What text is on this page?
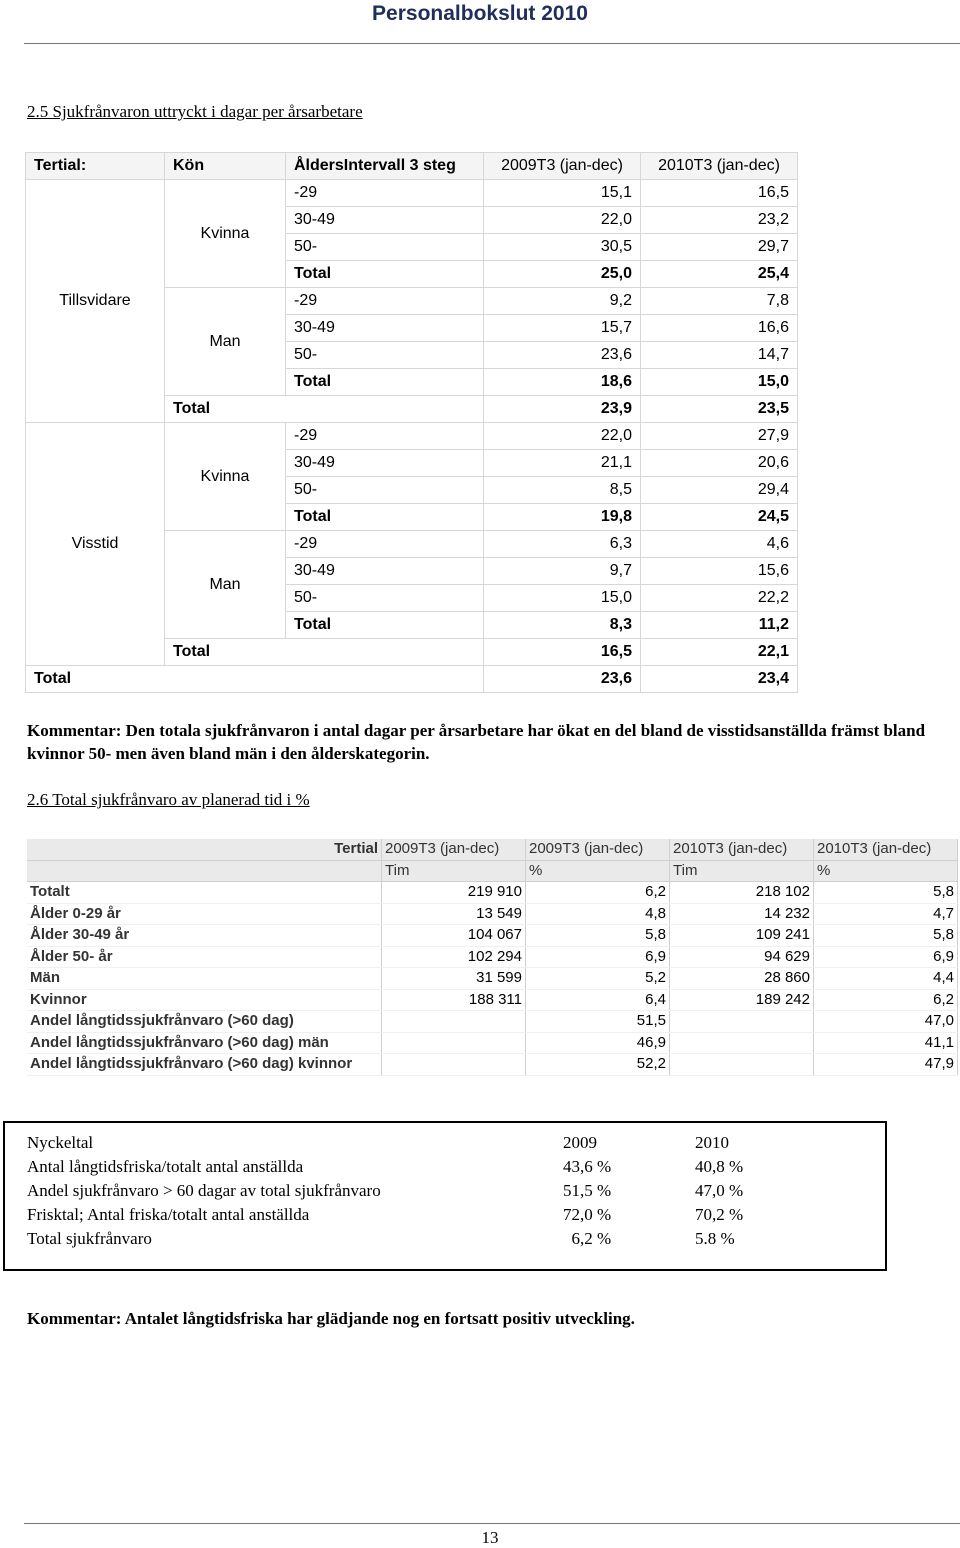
Personalbokslut 2010
2.5 Sjukfrånvaron uttryckt i dagar per årsarbetare
Tertial:	Kön	ÅldersIntervall 3 steg	2009T3 (jan-dec)	2010T3 (jan-dec)
Tillsvidare	Kvinna	-29	15,1	16,5
		30-49	22,0	23,2
		50-	30,5	29,7
		Total	25,0	25,4
	Man	-29	9,2	7,8
		30-49	15,7	16,6
		50-	23,6	14,7
		Total	18,6	15,0
	Total		23,9	23,5
Visstid	Kvinna	-29	22,0	27,9
		30-49	21,1	20,6
		50-	8,5	29,4
		Total	19,8	24,5
	Man	-29	6,3	4,6
		30-49	9,7	15,6
		50-	15,0	22,2
		Total	8,3	11,2
	Total		16,5	22,1
Total			23,6	23,4
Kommentar: Den totala sjukfrånvaron i antal dagar per årsarbetare har ökat en del bland de visstidsanställda främst bland kvinnor 50- men även bland män i den ålderskategorin.
2.6 Total sjukfrånvaro av planerad tid i %
Tertial	2009T3 (jan-dec)	2009T3 (jan-dec)	2010T3 (jan-dec)	2010T3 (jan-dec)
	Tim	%	Tim	%
Totalt	219 910	6,2	218 102	5,8
Ålder 0-29 år	13 549	4,8	14 232	4,7
Ålder 30-49 år	104 067	5,8	109 241	5,8
Ålder 50- år	102 294	6,9	94 629	6,9
Män	31 599	5,2	28 860	4,4
Kvinnor	188 311	6,4	189 242	6,2
Andel långtidssjukfrånvaro (>60 dag)		51,5		47,0
Andel långtidssjukfrånvaro (>60 dag) män		46,9		41,1
Andel långtidssjukfrånvaro (>60 dag) kvinnor		52,2		47,9
Nyckeltal	2009	2010
Antal långtidsfriska/totalt antal anställda	43,6 %	40,8 %
Andel sjukfrånvaro > 60 dagar av total sjukfrånvaro	51,5 %	47,0 %
Frisktal; Antal friska/totalt antal anställda	72,0 %	70,2 %
Total sjukfrånvaro	6,2 %	5.8 %
Kommentar: Antalet långtidsfriska har glädjande nog en fortsatt positiv utveckling.
13
